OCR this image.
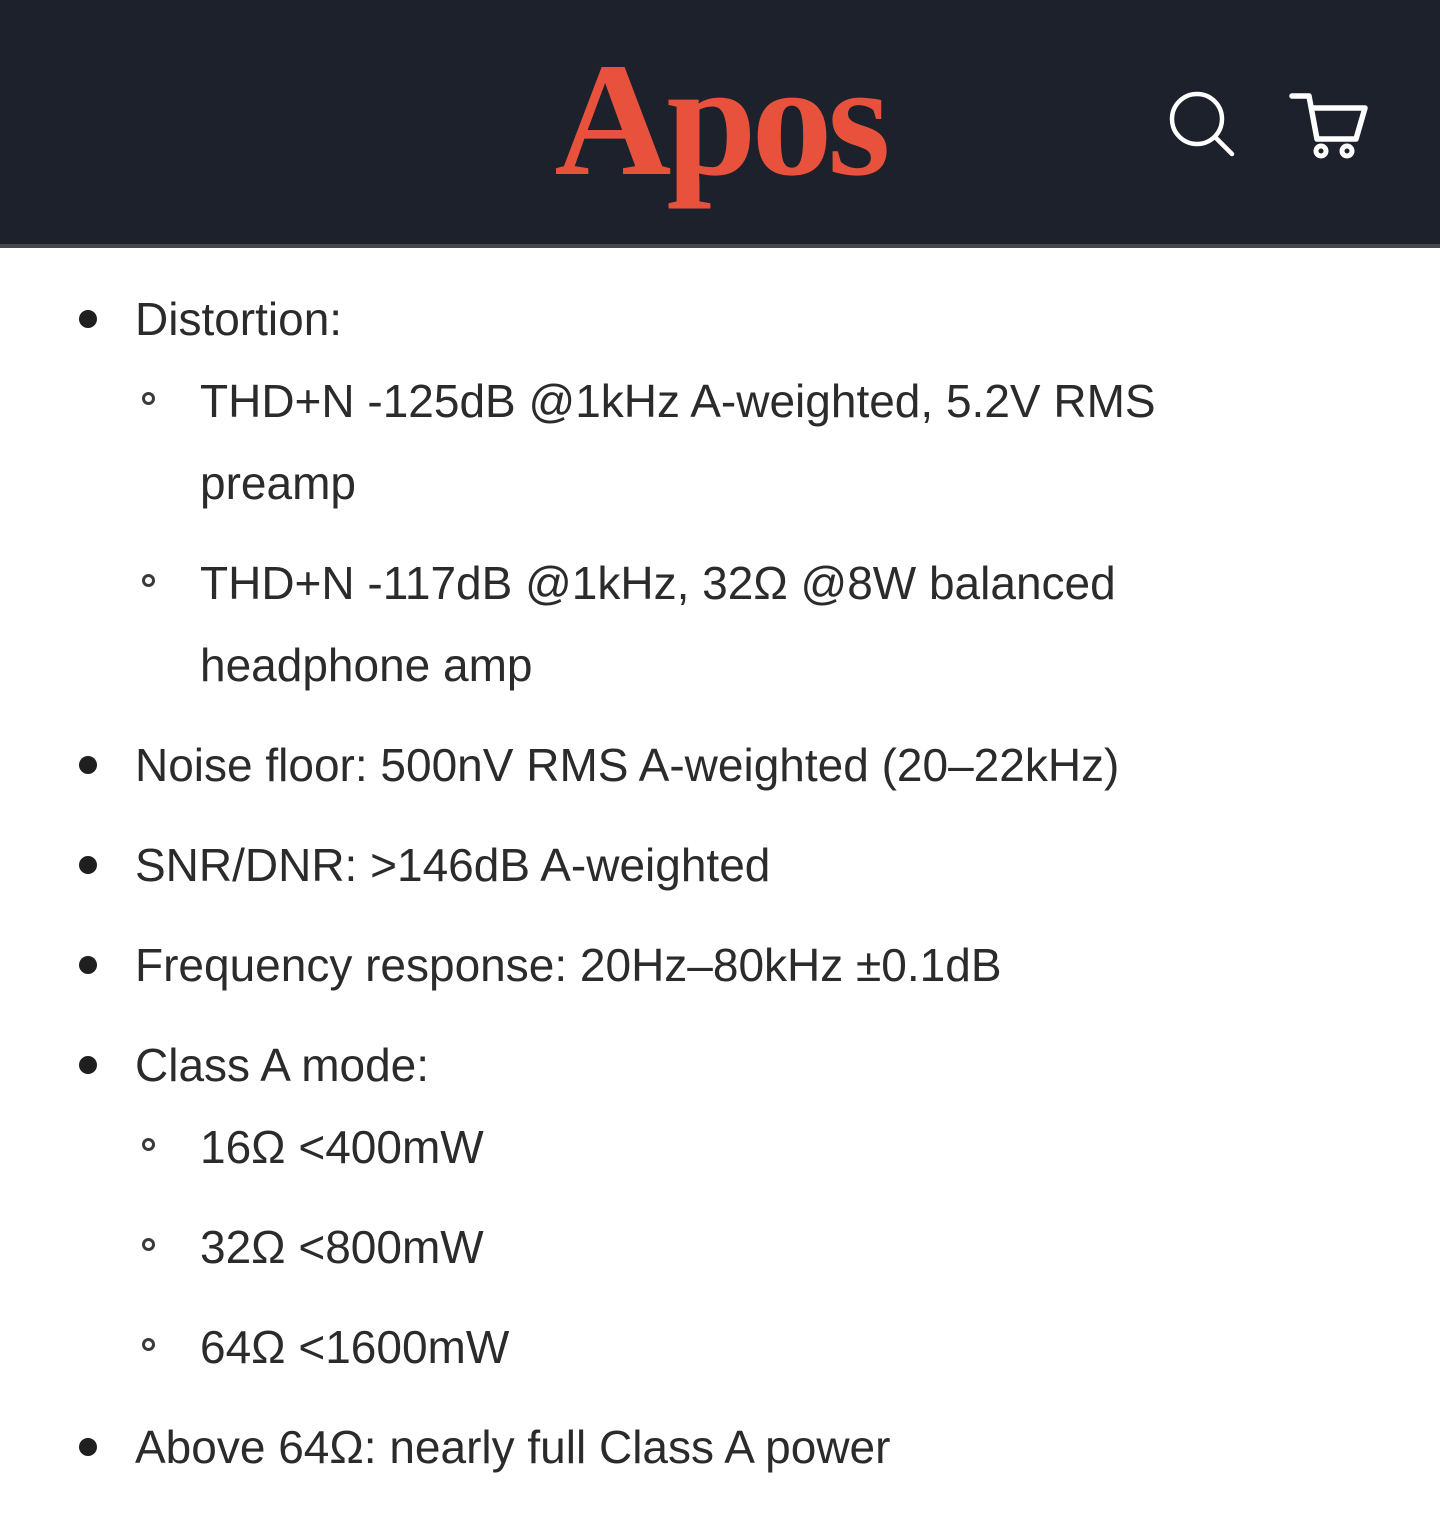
Apos
Distortion:
THD+N -125dB @1kHz A-weighted, 5.2V RMS
preamp
THD+N -117dB @1kHz, 32Ω @8W balanced
headphone amp
Noise floor: 500nV RMS A-weighted (20–22kHz)
SNR/DNR: >146dB A-weighted
Frequency response: 20Hz–80kHz ±0.1dB
Class A mode:
16Ω <400mW
32Ω <800mW
64Ω <1600mW
Above 64Ω: nearly full Class A power
